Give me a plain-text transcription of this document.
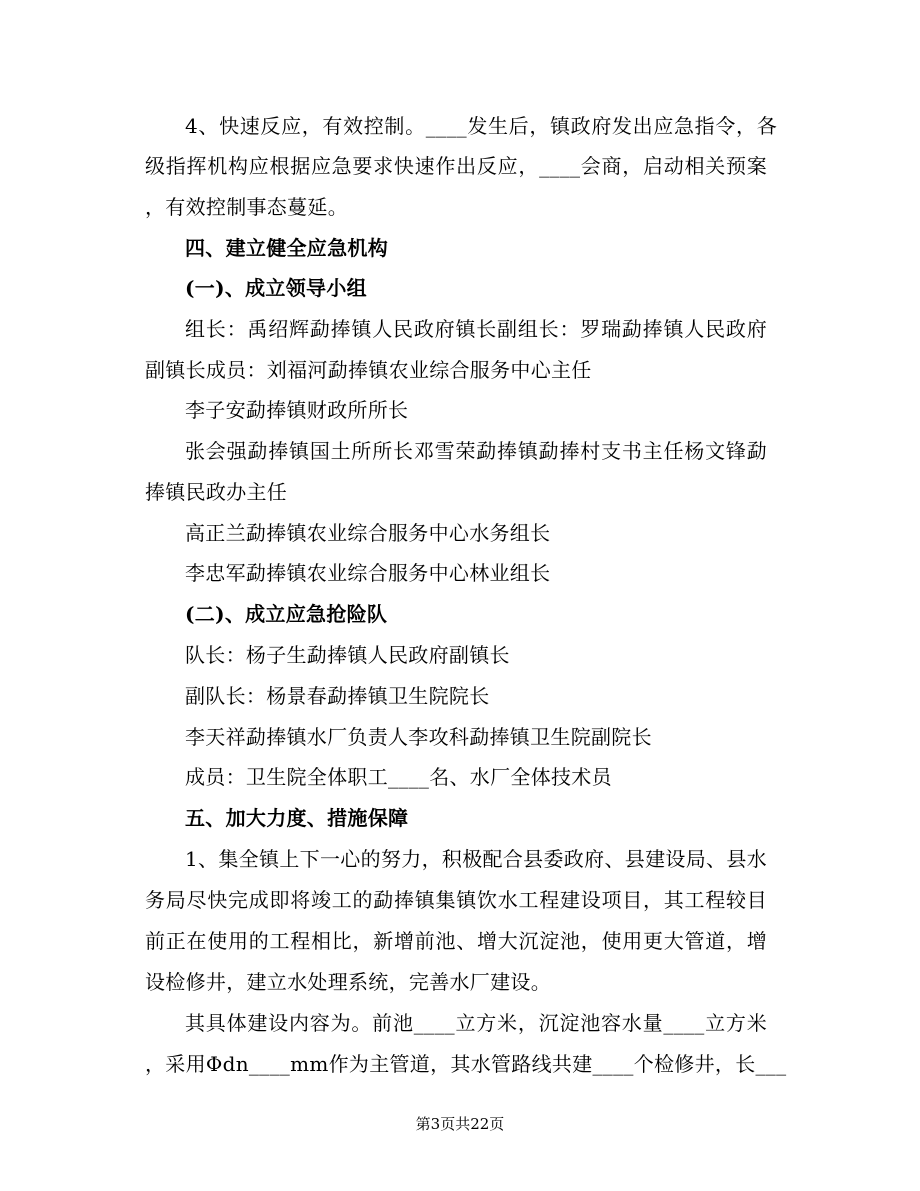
4、快速反应，有效控制。____发生后，镇政府发出应急指令，各
级指挥机构应根据应急要求快速作出反应，____会商，启动相关预案
，有效控制事态蔓延。
四、建立健全应急机构
(一)、成立领导小组
组长：禹绍辉勐捧镇人民政府镇长副组长：罗瑞勐捧镇人民政府
副镇长成员：刘福河勐捧镇农业综合服务中心主任
李子安勐捧镇财政所所长
张会强勐捧镇国土所所长邓雪荣勐捧镇勐捧村支书主任杨文锋勐
捧镇民政办主任
高正兰勐捧镇农业综合服务中心水务组长
李忠军勐捧镇农业综合服务中心林业组长
(二)、成立应急抢险队
队长：杨子生勐捧镇人民政府副镇长
副队长：杨景春勐捧镇卫生院院长
李天祥勐捧镇水厂负责人李攻科勐捧镇卫生院副院长
成员：卫生院全体职工____名、水厂全体技术员
五、加大力度、措施保障
1、集全镇上下一心的努力，积极配合县委政府、县建设局、县水
务局尽快完成即将竣工的勐捧镇集镇饮水工程建设项目，其工程较目
前正在使用的工程相比，新增前池、增大沉淀池，使用更大管道，增
设检修井，建立水处理系统，完善水厂建设。
其具体建设内容为。前池____立方米，沉淀池容水量____立方米
，采用Φdn____mm作为主管道，其水管路线共建____个检修井，长___
第3页共22页
